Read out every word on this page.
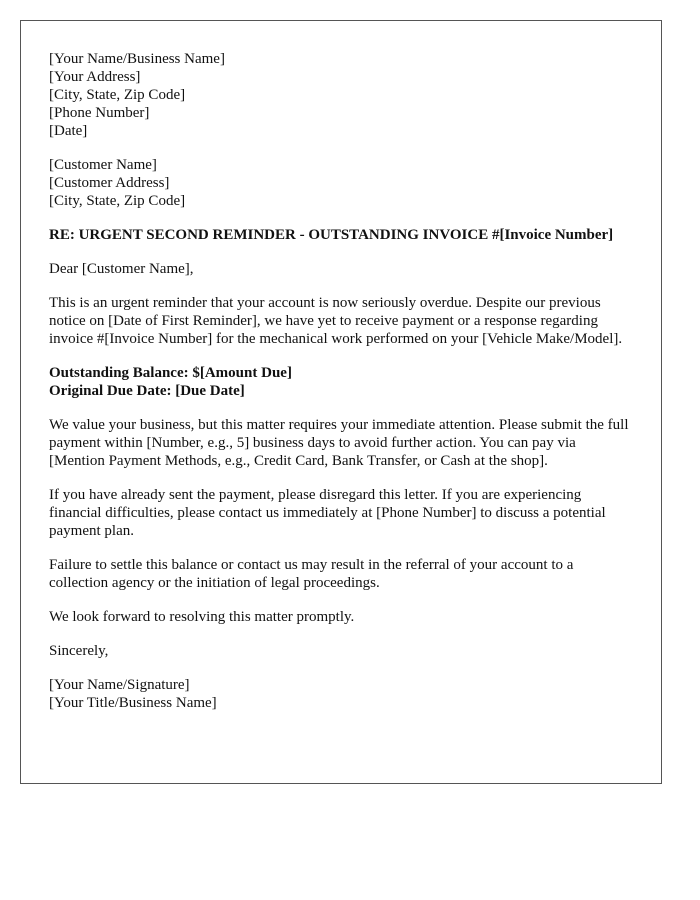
[Your Name/Business Name]
[Your Address]
[City, State, Zip Code]
[Phone Number]
[Date]
[Customer Name]
[Customer Address]
[City, State, Zip Code]

RE: URGENT SECOND REMINDER - OUTSTANDING INVOICE #[Invoice Number]

Dear [Customer Name],

This is an urgent reminder that your account is now seriously overdue. Despite our previous notice on [Date of First Reminder], we have yet to receive payment or a response regarding invoice #[Invoice Number] for the mechanical work performed on your [Vehicle Make/Model].

Outstanding Balance: $[Amount Due]
Original Due Date: [Due Date]

We value your business, but this matter requires your immediate attention. Please submit the full payment within [Number, e.g., 5] business days to avoid further action. You can pay via [Mention Payment Methods, e.g., Credit Card, Bank Transfer, or Cash at the shop].

If you have already sent the payment, please disregard this letter. If you are experiencing financial difficulties, please contact us immediately at [Phone Number] to discuss a potential payment plan.

Failure to settle this balance or contact us may result in the referral of your account to a collection agency or the initiation of legal proceedings.

We look forward to resolving this matter promptly.

Sincerely,

[Your Name/Signature]
[Your Title/Business Name]
